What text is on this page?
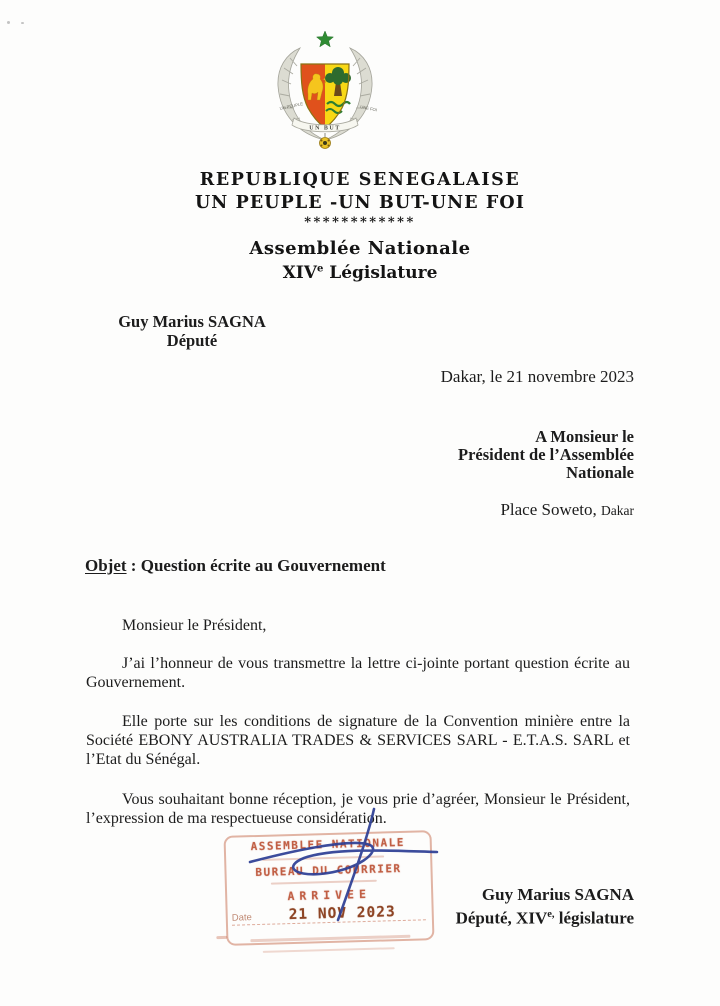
UN PEUPLE	UNE FOI
UN BUT
REPUBLIQUE SENEGALAISE
UN PEUPLE -UN BUT-UNE FOI
************
Assemblée Nationale
XIVe Législature
Guy Marius SAGNA
Député
Dakar, le 21 novembre 2023
A Monsieur le
Président de l’Assemblée
Nationale
Place Soweto, Dakar
Objet : Question écrite au Gouvernement
Monsieur le Président,
J’ai l’honneur de vous transmettre la lettre ci-jointe portant question écrite au Gouvernement.
Elle porte sur les conditions de signature de la Convention minière entre la Société EBONY AUSTRALIA TRADES & SERVICES SARL - E.T.A.S. SARL et l’Etat du Sénégal.
Vous souhaitant bonne réception, je vous prie d’agréer, Monsieur le Président, l’expression de ma respectueuse considération.
ASSEMBLEE NATIONALE
BUREAU DU COURRIER
ARRIVEE
Date	21 NOV 2023
Guy Marius SAGNA
Député, $XIV^{e,}$ législature
